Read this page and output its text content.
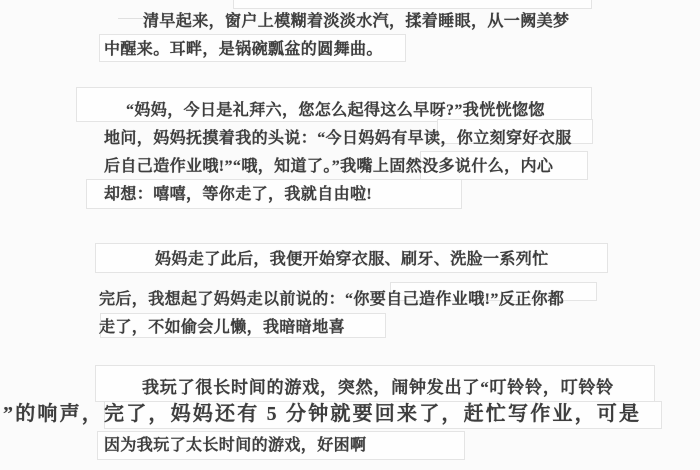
清早起来，窗户上模糊着淡淡水汽，揉着睡眼，从一阙美梦
中醒来。耳畔，是锅碗瓢盆的圆舞曲。
“妈妈，今日是礼拜六，您怎么起得这么早呀?”我恍恍惚惚
地问，妈妈抚摸着我的头说：“今日妈妈有早读，你立刻穿好衣服
后自己造作业哦!”“哦，知道了。”我嘴上固然没多说什么，内心
却想：嘻嘻，等你走了，我就自由啦!
妈妈走了此后，我便开始穿衣服、刷牙、洗脸一系列忙
完后，我想起了妈妈走以前说的：“你要自己造作业哦!”反正你都
走了，不如偷会儿懒，我暗暗地喜
我玩了很长时间的游戏，突然，闹钟发出了“叮铃铃，叮铃铃
”的响声，完了，妈妈还有 5 分钟就要回来了，赶忙写作业，可是
因为我玩了太长时间的游戏，好困啊
